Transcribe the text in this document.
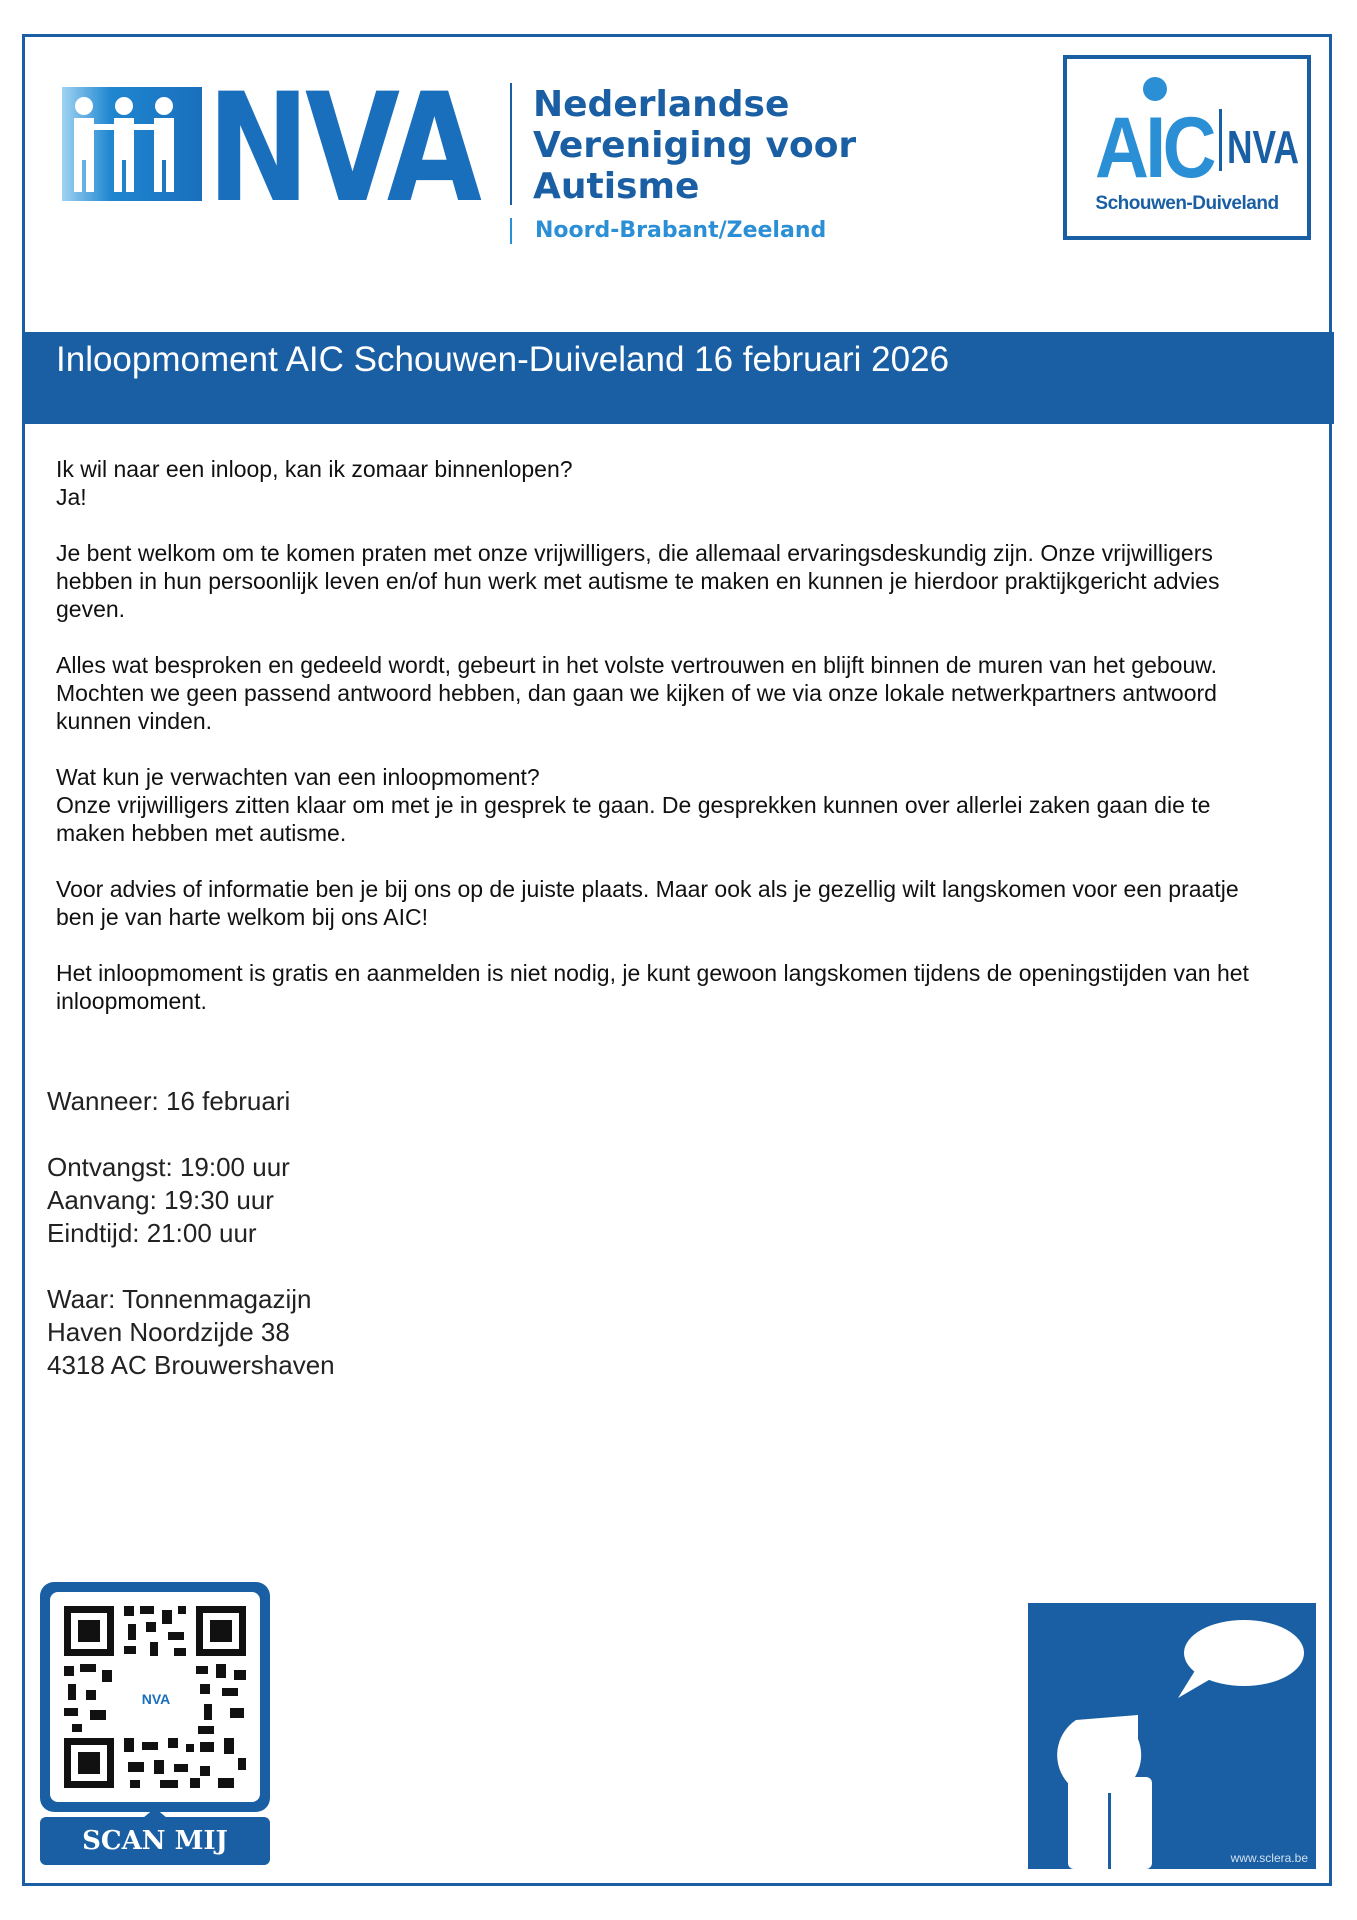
NVA Nederlandse
Vereniging voor
Autisme
Noord-Brabant/Zeeland
AIC NVA
Schouwen-Duiveland
Inloopmoment AIC Schouwen-Duiveland 16 februari 2026

Ik wil naar een inloop, kan ik zomaar binnenlopen?
Ja!

Je bent welkom om te komen praten met onze vrijwilligers, die allemaal ervaringsdeskundig zijn. Onze vrijwilligers hebben in hun persoonlijk leven en/of hun werk met autisme te maken en kunnen je hierdoor praktijkgericht advies geven.

Alles wat besproken en gedeeld wordt, gebeurt in het volste vertrouwen en blijft binnen de muren van het gebouw. Mochten we geen passend antwoord hebben, dan gaan we kijken of we via onze lokale netwerkpartners antwoord kunnen vinden.

Wat kun je verwachten van een inloopmoment?
Onze vrijwilligers zitten klaar om met je in gesprek te gaan. De gesprekken kunnen over allerlei zaken gaan die te maken hebben met autisme.

Voor advies of informatie ben je bij ons op de juiste plaats. Maar ook als je gezellig wilt langskomen voor een praatje ben je van harte welkom bij ons AIC!

Het inloopmoment is gratis en aanmelden is niet nodig, je kunt gewoon langskomen tijdens de openingstijden van het inloopmoment.

Wanneer: 16 februari
Ontvangst: 19:00 uur
Aanvang: 19:30 uur
Eindtijd: 21:00 uur
Waar: Tonnenmagazijn
Haven Noordzijde 38
4318 AC Brouwershaven
NVA
SCAN MIJ
www.sclera.be
